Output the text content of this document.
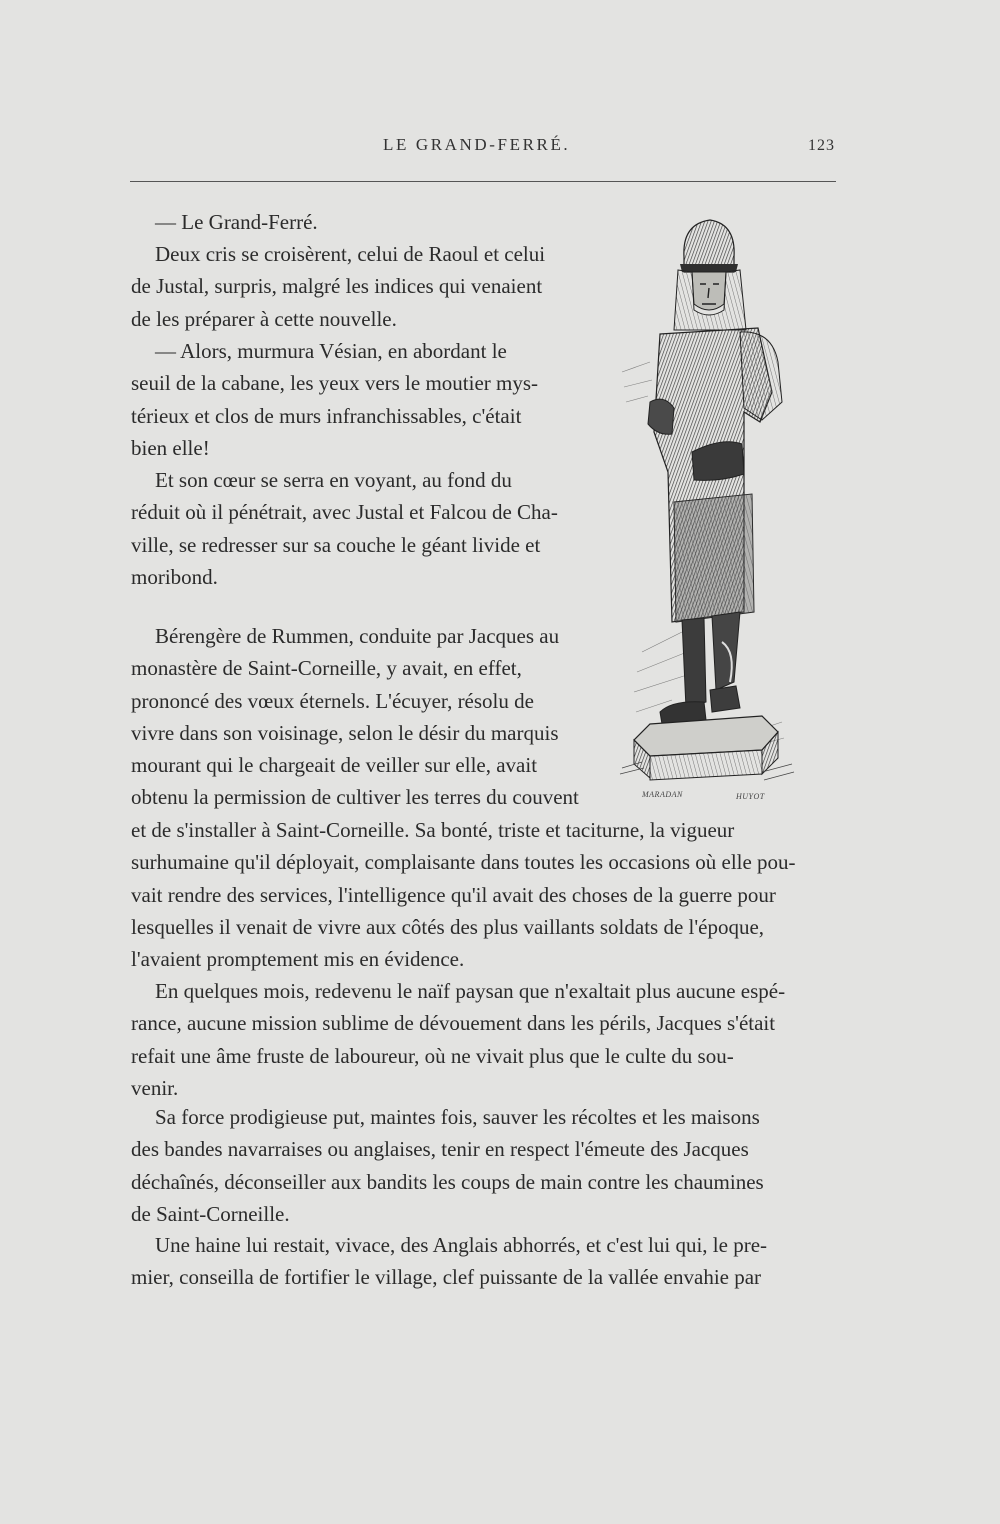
LE GRAND-FERRÉ.	123
— Le Grand-Ferré.
Deux cris se croisèrent, celui de Raoul et celui
de Justal, surpris, malgré les indices qui venaient
de les préparer à cette nouvelle.
— Alors, murmura Vésian, en abordant le
seuil de la cabane, les yeux vers le moutier mys-
térieux et clos de murs infranchissables, c'était
bien elle!
Et son cœur se serra en voyant, au fond du
réduit où il pénétrait, avec Justal et Falcou de Cha-
ville, se redresser sur sa couche le géant livide et
moribond.
Bérengère de Rummen, conduite par Jacques au
monastère de Saint-Corneille, y avait, en effet,
prononcé des vœux éternels. L'écuyer, résolu de
vivre dans son voisinage, selon le désir du marquis
mourant qui le chargeait de veiller sur elle, avait
obtenu la permission de cultiver les terres du couvent
et de s'installer à Saint-Corneille. Sa bonté, triste et taciturne, la vigueur
surhumaine qu'il déployait, complaisante dans toutes les occasions où elle pou-
vait rendre des services, l'intelligence qu'il avait des choses de la guerre pour
lesquelles il venait de vivre aux côtés des plus vaillants soldats de l'époque,
l'avaient promptement mis en évidence.
En quelques mois, redevenu le naïf paysan que n'exaltait plus aucune espé-
rance, aucune mission sublime de dévouement dans les périls, Jacques s'était
refait une âme fruste de laboureur, où ne vivait plus que le culte du sou-
venir.
Sa force prodigieuse put, maintes fois, sauver les récoltes et les maisons
des bandes navarraises ou anglaises, tenir en respect l'émeute des Jacques
déchaînés, déconseiller aux bandits les coups de main contre les chaumines
de Saint-Corneille.
Une haine lui restait, vivace, des Anglais abhorrés, et c'est lui qui, le pre-
mier, conseilla de fortifier le village, clef puissante de la vallée envahie par
MARADAN	HUYOT
